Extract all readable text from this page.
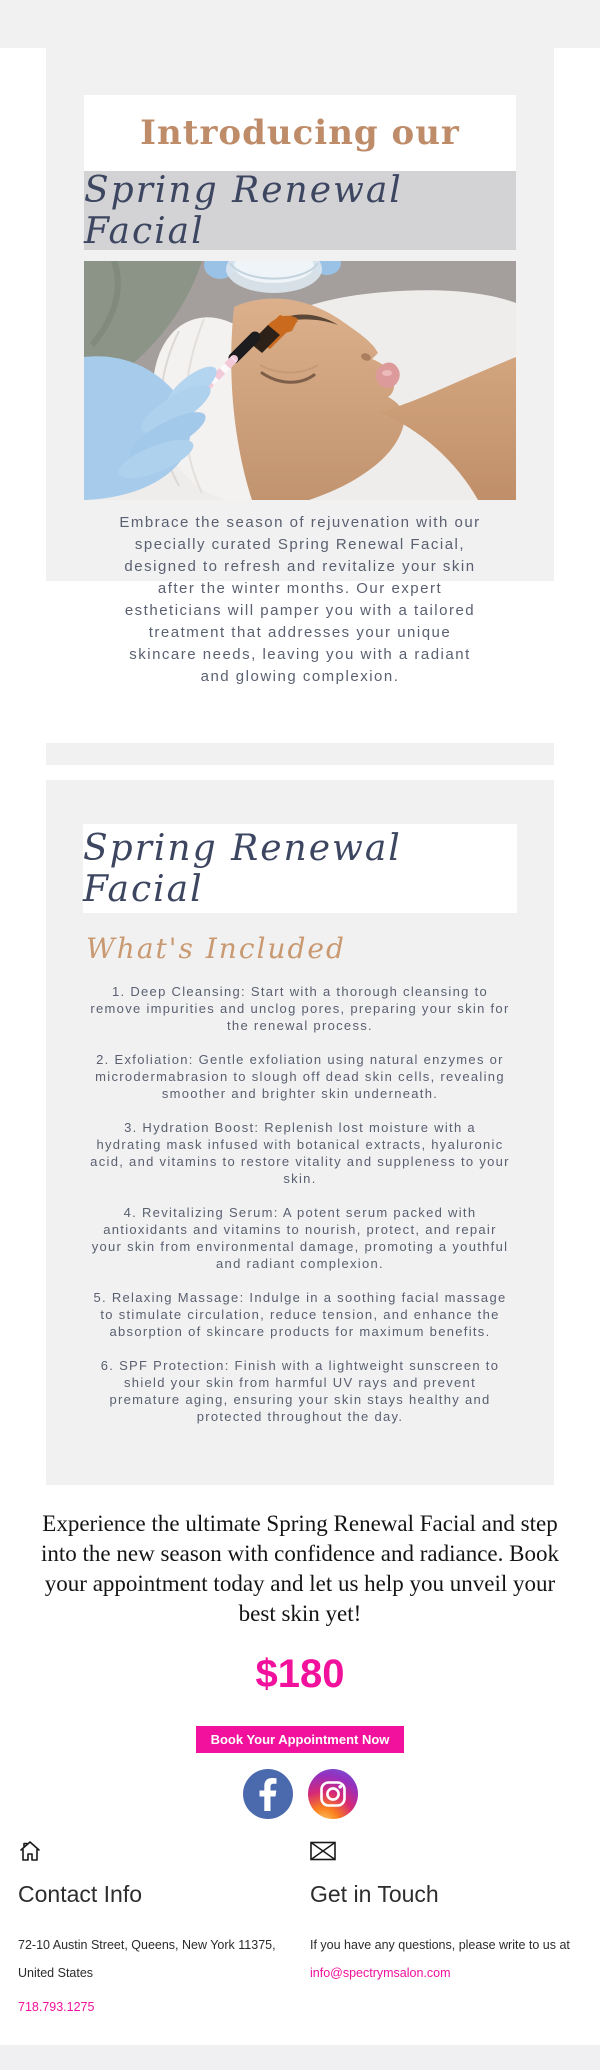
Introducing our
Spring Renewal Facial

Embrace the season of rejuvenation with our specially curated Spring Renewal Facial, designed to refresh and revitalize your skin after the winter months. Our expert estheticians will pamper you with a tailored treatment that addresses your unique skincare needs, leaving you with a radiant and glowing complexion.

Spring Renewal Facial
What's Included

1. Deep Cleansing: Start with a thorough cleansing to remove impurities and unclog pores, preparing your skin for the renewal process.

2. Exfoliation: Gentle exfoliation using natural enzymes or microdermabrasion to slough off dead skin cells, revealing smoother and brighter skin underneath.

3. Hydration Boost: Replenish lost moisture with a hydrating mask infused with botanical extracts, hyaluronic acid, and vitamins to restore vitality and suppleness to your skin.

4. Revitalizing Serum: A potent serum packed with antioxidants and vitamins to nourish, protect, and repair your skin from environmental damage, promoting a youthful and radiant complexion.

5. Relaxing Massage: Indulge in a soothing facial massage to stimulate circulation, reduce tension, and enhance the absorption of skincare products for maximum benefits.

6. SPF Protection: Finish with a lightweight sunscreen to shield your skin from harmful UV rays and prevent premature aging, ensuring your skin stays healthy and protected throughout the day.

Experience the ultimate Spring Renewal Facial and step into the new season with confidence and radiance. Book your appointment today and let us help you unveil your best skin yet!

$180
Book Your Appointment Now
Contact Info
72-10 Austin Street, Queens, New York 11375,
United States
718.793.1275
Get in Touch
If you have any questions, please write to us at
info@spectrymsalon.com
